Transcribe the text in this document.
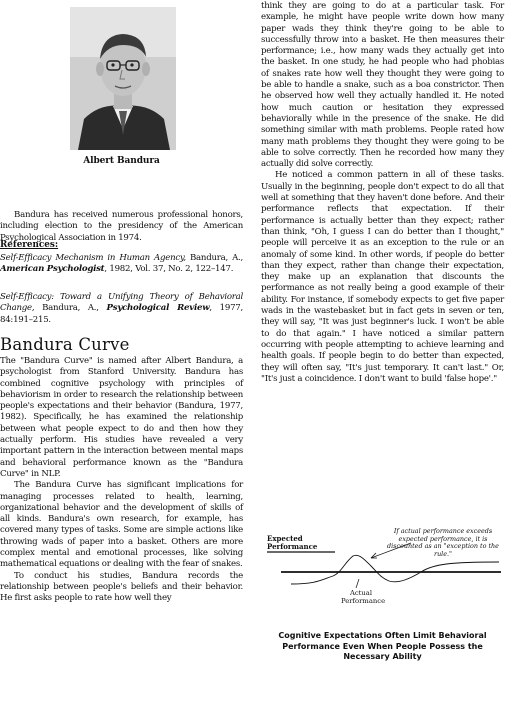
Albert Bandura

Bandura has received numerous professional honors, including election to the presidency of the American Psychological Association in 1974.

References:

Self-Efficacy Mechanism in Human Agency, Bandura, A., American Psychologist, 1982, Vol. 37, No. 2, 122–147.

Self-Efficacy: Toward a Unifying Theory of Behavioral Change, Bandura, A., Psychological Review, 1977, 84:191–215.

Bandura Curve

The "Bandura Curve" is named after Albert Bandura, a psychologist from Stanford University. Bandura has combined cognitive psychology with principles of behaviorism in order to research the relationship between people's expectations and their behavior (Bandura, 1977, 1982). Specifically, he has examined the relationship between what people expect to do and then how they actually perform. His studies have revealed a very important pattern in the interaction between mental maps and behavioral performance known as the "Bandura Curve" in NLP.

The Bandura Curve has significant implications for managing processes related to health, learning, organizational behavior and the development of skills of all kinds. Bandura's own research, for example, has covered many types of tasks. Some are simple actions like throwing wads of paper into a basket. Others are more complex mental and emotional processes, like solving mathematical equations or dealing with the fear of snakes.

To conduct his studies, Bandura records the relationship between people's beliefs and their behavior. He first asks people to rate how well they

think they are going to do at a particular task. For example, he might have people write down how many paper wads they think they're going to be able to successfully throw into a basket. He then measures their performance; i.e., how many wads they actually get into the basket. In one study, he had people who had phobias of snakes rate how well they thought they were going to be able to handle a snake, such as a boa constrictor. Then he observed how well they actually handled it. He noted how much caution or hesitation they expressed behaviorally while in the presence of the snake. He did something similar with math problems. People rated how many math problems they thought they were going to be able to solve correctly. Then he recorded how many they actually did solve correctly.

He noticed a common pattern in all of these tasks. Usually in the beginning, people don't expect to do all that well at something that they haven't done before. And their performance reflects that expectation. If their performance is actually better than they expect; rather than think, "Oh, I guess I can do better than I thought," people will perceive it as an exception to the rule or an anomaly of some kind. In other words, if people do better than they expect, rather than change their expectation, they make up an explanation that discounts the performance as not really being a good example of their ability. For instance, if somebody expects to get five paper wads in the wastebasket but in fact gets in seven or ten, they will say, "It was just beginner's luck. I won't be able to do that again." I have noticed a similar pattern occurring with people attempting to achieve learning and health goals. If people begin to do better than expected, they will often say, "It's just temporary. It can't last." Or, "It's just a coincidence. I don't want to build 'false hope'."

Expected Performance
If actual performance exceeds expected performance, it is discounted as an "exception to the rule."
Actual Performance
Cognitive Expectations Often Limit Behavioral Performance Even When People Possess the Necessary Ability
